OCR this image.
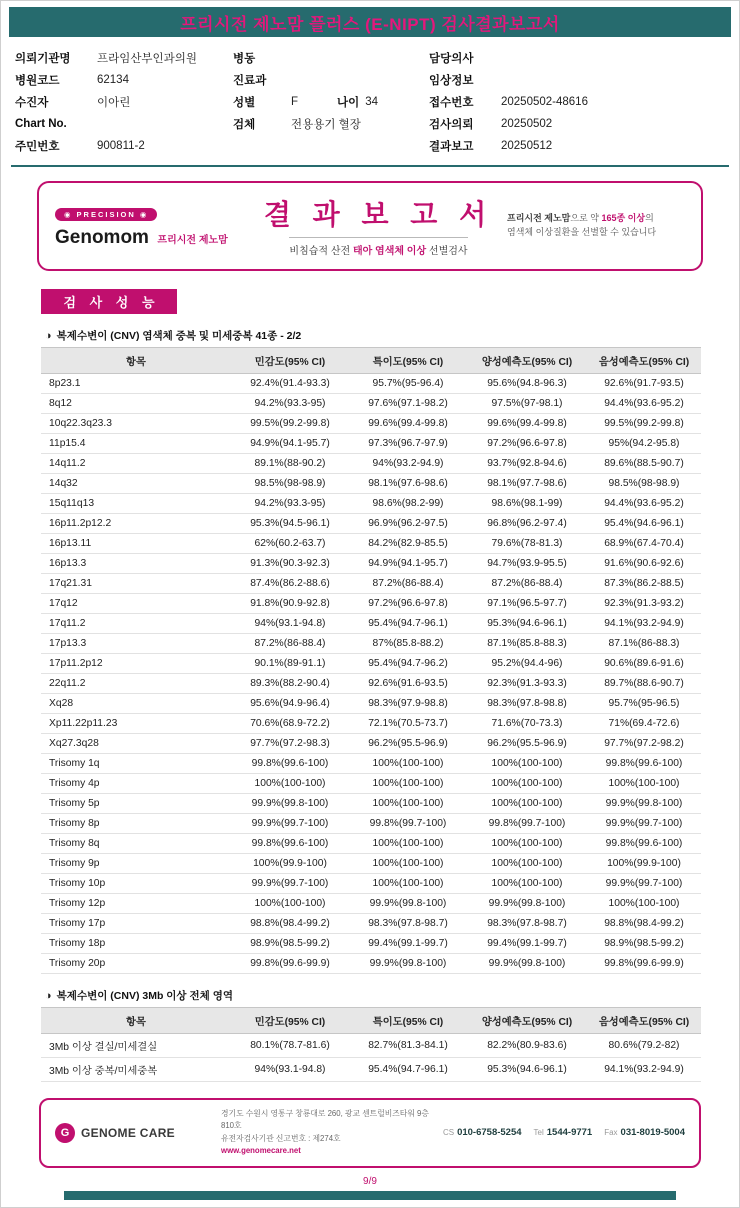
프리시전 제노맘 플러스 (E-NIPT) 검사결과보고서
의뢰기관명	프라임산부인과의원
병원코드	62134
수진자	이아린
Chart No.
주민번호	900811-2
병동
진료과
성별	F	나이 34
검체	전용용기 혈장
담당의사
임상정보
접수번호	20250502-48616
검사의뢰	20250502
결과보고	20250512
◉ PRECISION ◉
Genomom 프리시전 제노맘
결 과 보 고 서
비침습적 산전 태아 염색체 이상 선별검사
프리시전 제노맘으로 약 165종 이상의
염색체 이상질환을 선별할 수 있습니다
검 사 성 능
◑ 복제수변이 (CNV) 염색체 중복 및 미세중복 41종 - 2/2
항목	민감도(95% CI)	특이도(95% CI)	양성예측도(95% CI)	음성예측도(95% CI)
8p23.1	92.4%(91.4-93.3)	95.7%(95-96.4)	95.6%(94.8-96.3)	92.6%(91.7-93.5)
8q12	94.2%(93.3-95)	97.6%(97.1-98.2)	97.5%(97-98.1)	94.4%(93.6-95.2)
10q22.3q23.3	99.5%(99.2-99.8)	99.6%(99.4-99.8)	99.6%(99.4-99.8)	99.5%(99.2-99.8)
11p15.4	94.9%(94.1-95.7)	97.3%(96.7-97.9)	97.2%(96.6-97.8)	95%(94.2-95.8)
14q11.2	89.1%(88-90.2)	94%(93.2-94.9)	93.7%(92.8-94.6)	89.6%(88.5-90.7)
14q32	98.5%(98-98.9)	98.1%(97.6-98.6)	98.1%(97.7-98.6)	98.5%(98-98.9)
15q11q13	94.2%(93.3-95)	98.6%(98.2-99)	98.6%(98.1-99)	94.4%(93.6-95.2)
16p11.2p12.2	95.3%(94.5-96.1)	96.9%(96.2-97.5)	96.8%(96.2-97.4)	95.4%(94.6-96.1)
16p13.11	62%(60.2-63.7)	84.2%(82.9-85.5)	79.6%(78-81.3)	68.9%(67.4-70.4)
16p13.3	91.3%(90.3-92.3)	94.9%(94.1-95.7)	94.7%(93.9-95.5)	91.6%(90.6-92.6)
17q21.31	87.4%(86.2-88.6)	87.2%(86-88.4)	87.2%(86-88.4)	87.3%(86.2-88.5)
17q12	91.8%(90.9-92.8)	97.2%(96.6-97.8)	97.1%(96.5-97.7)	92.3%(91.3-93.2)
17q11.2	94%(93.1-94.8)	95.4%(94.7-96.1)	95.3%(94.6-96.1)	94.1%(93.2-94.9)
17p13.3	87.2%(86-88.4)	87%(85.8-88.2)	87.1%(85.8-88.3)	87.1%(86-88.3)
17p11.2p12	90.1%(89-91.1)	95.4%(94.7-96.2)	95.2%(94.4-96)	90.6%(89.6-91.6)
22q11.2	89.3%(88.2-90.4)	92.6%(91.6-93.5)	92.3%(91.3-93.3)	89.7%(88.6-90.7)
Xq28	95.6%(94.9-96.4)	98.3%(97.9-98.8)	98.3%(97.8-98.8)	95.7%(95-96.5)
Xp11.22p11.23	70.6%(68.9-72.2)	72.1%(70.5-73.7)	71.6%(70-73.3)	71%(69.4-72.6)
Xq27.3q28	97.7%(97.2-98.3)	96.2%(95.5-96.9)	96.2%(95.5-96.9)	97.7%(97.2-98.2)
Trisomy 1q	99.8%(99.6-100)	100%(100-100)	100%(100-100)	99.8%(99.6-100)
Trisomy 4p	100%(100-100)	100%(100-100)	100%(100-100)	100%(100-100)
Trisomy 5p	99.9%(99.8-100)	100%(100-100)	100%(100-100)	99.9%(99.8-100)
Trisomy 8p	99.9%(99.7-100)	99.8%(99.7-100)	99.8%(99.7-100)	99.9%(99.7-100)
Trisomy 8q	99.8%(99.6-100)	100%(100-100)	100%(100-100)	99.8%(99.6-100)
Trisomy 9p	100%(99.9-100)	100%(100-100)	100%(100-100)	100%(99.9-100)
Trisomy 10p	99.9%(99.7-100)	100%(100-100)	100%(100-100)	99.9%(99.7-100)
Trisomy 12p	100%(100-100)	99.9%(99.8-100)	99.9%(99.8-100)	100%(100-100)
Trisomy 17p	98.8%(98.4-99.2)	98.3%(97.8-98.7)	98.3%(97.8-98.7)	98.8%(98.4-99.2)
Trisomy 18p	98.9%(98.5-99.2)	99.4%(99.1-99.7)	99.4%(99.1-99.7)	98.9%(98.5-99.2)
Trisomy 20p	99.8%(99.6-99.9)	99.9%(99.8-100)	99.9%(99.8-100)	99.8%(99.6-99.9)
◑ 복제수변이 (CNV) 3Mb 이상 전체 영역
항목	민감도(95% CI)	특이도(95% CI)	양성예측도(95% CI)	음성예측도(95% CI)
3Mb 이상 결실/미세결실	80.1%(78.7-81.6)	82.7%(81.3-84.1)	82.2%(80.9-83.6)	80.6%(79.2-82)
3Mb 이상 중복/미세중복	94%(93.1-94.8)	95.4%(94.7-96.1)	95.3%(94.6-96.1)	94.1%(93.2-94.9)
G GENOME CARE
경기도 수원시 영통구 창룡대로 260, 광교 센트럴비즈타워 9층 810호
유전자검사기관 신고번호 : 제274호
www.genomecare.net
CS 010-6758-5254 Tel 1544-9771 Fax 031-8019-5004
9/9
